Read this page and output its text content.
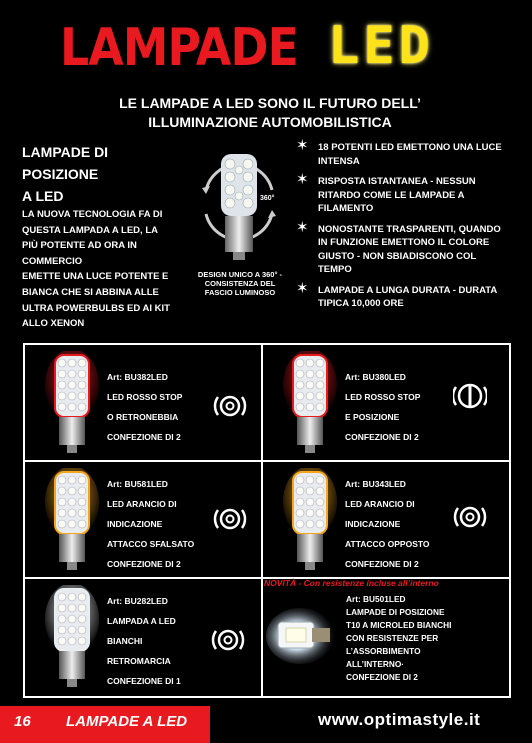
LAMPADE LED
LE LAMPADE A LED SONO IL FUTURO DELL’
ILLUMINAZIONE AUTOMOBILISTICA
LAMPADE DI
POSIZIONE
A LED
LA NUOVA TECNOLOGIA FA DI
QUESTA LAMPADA A LED, LA
PIÙ POTENTE AD ORA IN
COMMERCIO
EMETTE UNA LUCE POTENTE E
BIANCA CHE SI ABBINA ALLE
ULTRA POWERBULBS ED AI KIT
ALLO XENON
360°
DESIGN UNICO A 360° -
CONSISTENZA DEL
FASCIO LUMINOSO
✶ 18 POTENTI LED EMETTONO UNA LUCE
INTENSA
✶ RISPOSTA ISTANTANEA - NESSUN
RITARDO COME LE LAMPADE A
FILAMENTO
✶ NONOSTANTE TRASPARENTI, QUANDO
IN FUNZIONE EMETTONO IL COLORE
GIUSTO - NON SBIADISCONO COL
TEMPO
✶ LAMPADE A LUNGA DURATA - DURATA
TIPICA 10,000 ORE
Art: BU382LED
LED ROSSO STOP
O RETRONEBBIA
CONFEZIONE DI 2
Art: BU380LED
LED ROSSO STOP
E POSIZIONE
CONFEZIONE DI 2
Art: BU581LED
LED ARANCIO DI
INDICAZIONE
ATTACCO SFALSATO
CONFEZIONE DI 2
Art: BU343LED
LED ARANCIO DI
INDICAZIONE
ATTACCO OPPOSTO
CONFEZIONE DI 2
Art: BU282LED
LAMPADA A LED
BIANCHI
RETROMARCIA
CONFEZIONE DI 1
NOVITÀ - Con resistenze incluse all’interno
Art: BU501LED
LAMPADE DI POSIZIONE
T10 A MICROLED BIANCHI
CON RESISTENZE PER
L’ASSORBIMENTO
ALL’INTERNO·
CONFEZIONE DI 2
16 LAMPADE A LED	www.optimastyle.it
